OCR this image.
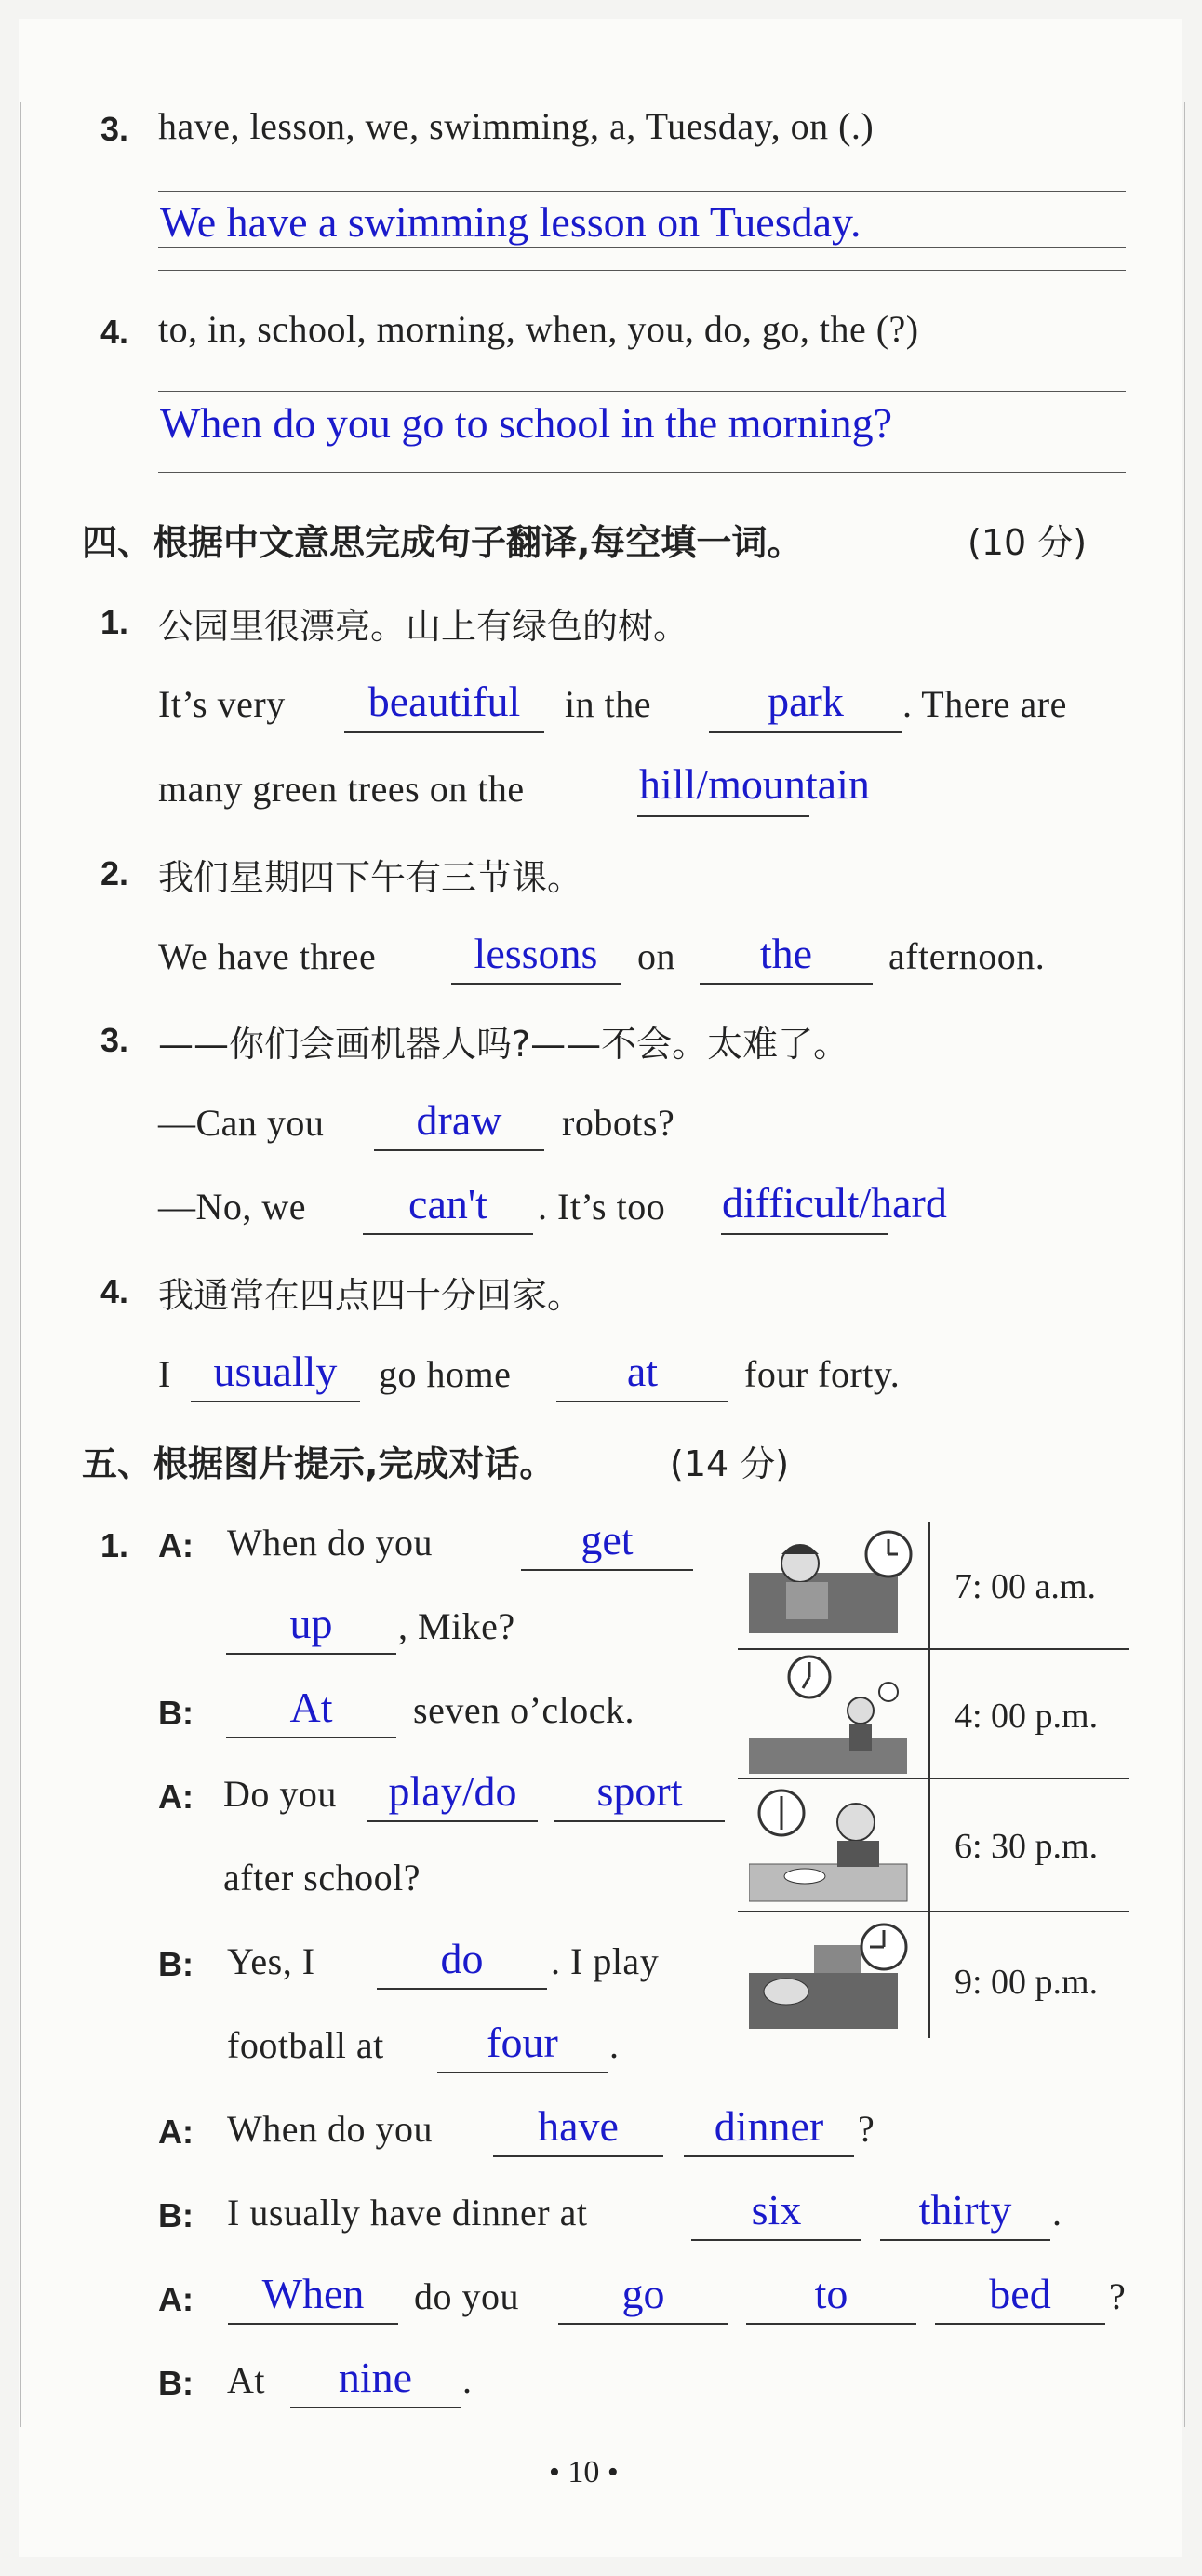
3. have, lesson, we, swimming, a, Tuesday, on (.)
We have a swimming lesson on Tuesday.
4. to, in, school, morning, when, you, do, go, the (?)
When do you go to school in the morning?
四、根据中文意思完成句子翻译,每空填一词。	(10 分)
1. 公园里很漂亮。山上有绿色的树。
It’s very	beautiful	in the	park	. There are
many green trees on the	hill/mountain
2. 我们星期四下午有三节课。
We have three	lessons	on	the	afternoon.
3. ——你们会画机器人吗?——不会。太难了。
—Can you	draw	robots?
—No, we	can't	. It’s too difficult/hard
4. 我通常在四点四十分回家。
I usually	go home	at	four forty.
五、根据图片提示,完成对话。	(14 分)
1. A: When do you	get
up	, Mike?
B:	At	seven o’clock.
A: Do you	play/do	sport
after school?
B: Yes, I	do	. I play
football at	four	.
A: When do you	have	dinner ?
B: I usually have dinner at	six	thirty	.
A:	When	do you	go	to	bed	?
B: At	nine	.
7: 00 a.m.
4: 00 p.m.
6: 30 p.m.
9: 00 p.m.
• 10 •
